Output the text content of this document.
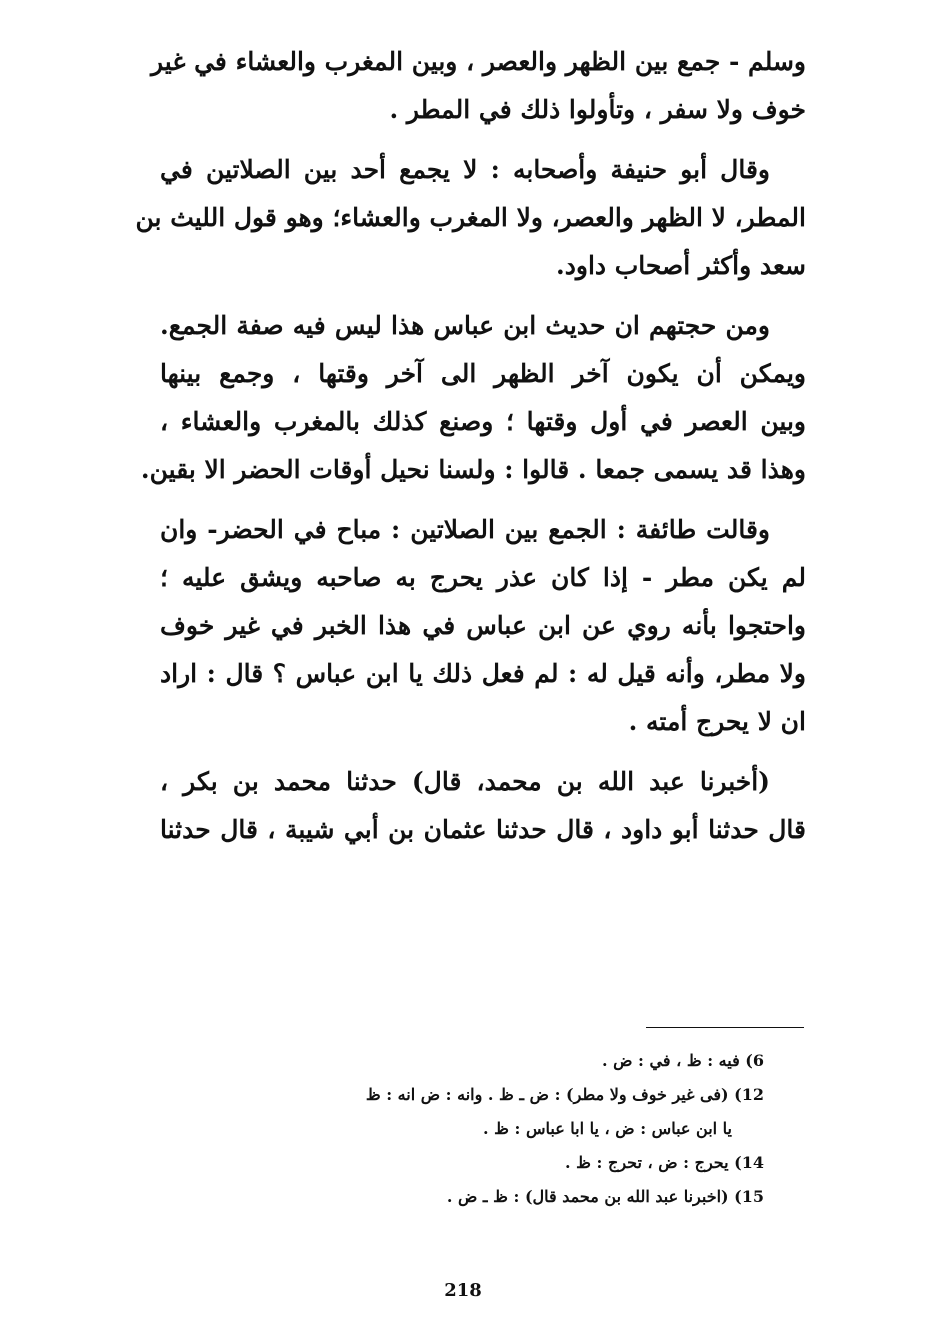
وسلم - جمع بين الظهر والعصر ، وبين المغرب والعشاء في غير
خوف ولا سفر ، وتأولوا ذلك في المطر .
وقال أبو حنيفة وأصحابه : لا يجمع أحد بين الصلاتين في
المطر، لا الظهر والعصر، ولا المغرب والعشاء؛ وهو قول الليث بن
سعد وأكثر أصحاب داود.
ومن حجتهم ان حديث ابن عباس هذا ليس فيه صفة الجمع.
ويمكن أن يكون آخر الظهر الى آخر وقتها ، وجمع بينها
وبين العصر في أول وقتها ؛ وصنع كذلك بالمغرب والعشاء ،
وهذا قد يسمى جمعا . قالوا : ولسنا نحيل أوقات الحضر الا بقين.
وقالت طائفة : الجمع بين الصلاتين : مباح في الحضر- وان
لم يكن مطر - إذا كان عذر يحرج به صاحبه ويشق عليه ؛
واحتجوا بأنه روي عن ابن عباس في هذا الخبر في غير خوف
ولا مطر، وأنه قيل له : لم فعل ذلك يا ابن عباس ؟ قال : اراد
ان لا يحرج أمته .
(أخبرنا عبد الله بن محمد، قال) حدثنا محمد بن بكر ،
قال حدثنا أبو داود ، قال حدثنا عثمان بن أبي شيبة ، قال حدثنا
6) فيه : ظ ، في : ض .
12) (فى غير خوف ولا مطر) : ض ـ ظ . وانه : ض انه : ظ
يا ابن عباس : ض ، يا ابا عباس : ظ .
14) يحرج : ض ، تحرج : ظ .
15) (اخبرنا عبد الله بن محمد قال) : ظ ـ ض .
218
